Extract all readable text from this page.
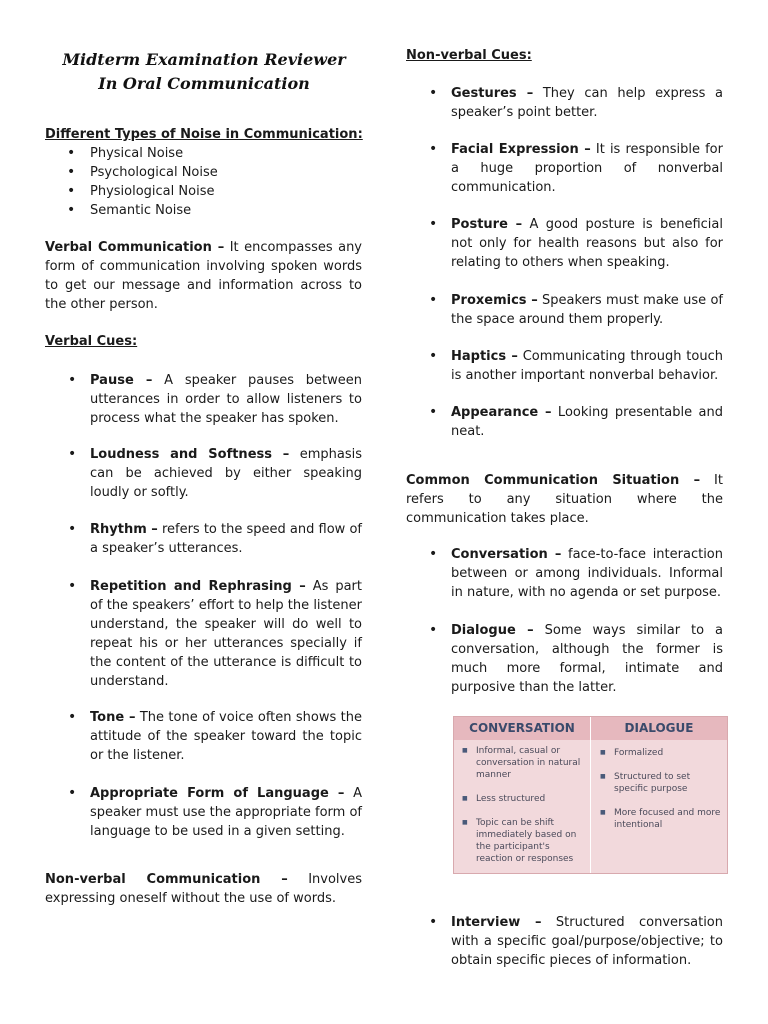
Midterm Examination Reviewer
In Oral Communication
Different Types of Noise in Communication:
• Physical Noise
• Psychological Noise
• Physiological Noise
• Semantic Noise

Verbal Communication – It encompasses any form of communication involving spoken words to get our message and information across to the other person.

Verbal Cues:
• Pause – A speaker pauses between utterances in order to allow listeners to process what the speaker has spoken.
• Loudness and Softness – emphasis can be achieved by either speaking loudly or softly.
• Rhythm – refers to the speed and flow of a speaker’s utterances.
• Repetition and Rephrasing – As part of the speakers’ effort to help the listener understand, the speaker will do well to repeat his or her utterances specially if the content of the utterance is difficult to understand.
• Tone – The tone of voice often shows the attitude of the speaker toward the topic or the listener.
• Appropriate Form of Language – A speaker must use the appropriate form of language to be used in a given setting.

Non-verbal Communication – Involves expressing oneself without the use of words.

Non-verbal Cues:
• Gestures – They can help express a speaker’s point better.
• Facial Expression – It is responsible for a huge proportion of nonverbal communication.
• Posture – A good posture is beneficial not only for health reasons but also for relating to others when speaking.
• Proxemics – Speakers must make use of the space around them properly.
• Haptics – Communicating through touch is another important nonverbal behavior.
• Appearance – Looking presentable and neat.

Common Communication Situation – It refers to any situation where the communication takes place.

• Conversation – face-to-face interaction between or among individuals. Informal in nature, with no agenda or set purpose.
• Dialogue – Some ways similar to a conversation, although the former is much more formal, intimate and purposive than the latter.
CONVERSATION	DIALOGUE
■ Informal, casual or conversation in natural manner
■ Less structured
■ Topic can be shift immediately based on the participant's reaction or responses
■ Formalized
■ Structured to set specific purpose
■ More focused and more intentional
• Interview – Structured conversation with a specific goal/purpose/objective; to obtain specific pieces of information.
